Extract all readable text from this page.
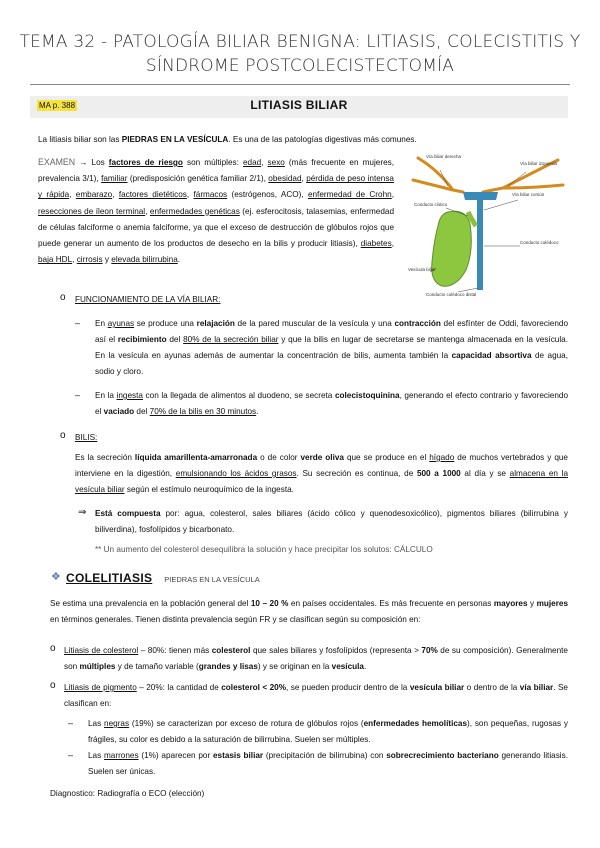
TEMA 32 - PATOLOGÍA BILIAR BENIGNA: LITIASIS, COLECISTITIS Y
SÍNDROME POSTCOLECISTECTOMÍA
MA p. 388	LITIASIS BILIAR
La litiasis biliar son las PIEDRAS EN LA VESÍCULA. Es una de las patologías digestivas más comunes.
EXAMEN → Los factores de riesgo son múltiples: edad, sexo (más frecuente en mujeres, prevalencia 3/1), familiar (predisposición genética familiar 2/1), obesidad, pérdida de peso intensa y rápida, embarazo, factores dietéticos, fármacos (estrógenos, ACO), enfermedad de Crohn, resecciones de íleon terminal, enfermedades genéticas (ej. esferocitosis, talasemias, enfermedad de células falciforme o anemia falciforme, ya que el exceso de destrucción de glóbulos rojos que puede generar un aumento de los productos de desecho en la bilis y producir litiasis), diabetes, baja HDL, cirrosis y elevada bilirrubina.
Vía biliar derecha
Vía biliar izquierda
Conducto cístico
Vía biliar común
Conducto colédoco
Vesícula biliar
Conducto colédoco distal
o FUNCIONAMIENTO DE LA VÍA BILIAR:
– En ayunas se produce una relajación de la pared muscular de la vesícula y una contracción del esfínter de Oddi, favoreciendo así el recibimiento del 80% de la secreción biliar y que la bilis en lugar de secretarse se mantenga almacenada en la vesícula. En la vesícula en ayunas además de aumentar la concentración de bilis, aumenta también la capacidad absortiva de agua, sodio y cloro.
– En la ingesta con la llegada de alimentos al duodeno, se secreta colecistoquinina, generando el efecto contrario y favoreciendo el vaciado del 70% de la bilis en 30 minutos.
o BILIS:
Es la secreción líquida amarillenta-amarronada o de color verde oliva que se produce en el hígado de muchos vertebrados y que interviene en la digestión, emulsionando los ácidos grasos. Su secreción es continua, de 500 a 1000 al día y se almacena en la vesícula biliar según el estímulo neuroquímico de la ingesta.
⇒ Está compuesta por: agua, colesterol, sales biliares (ácido cólico y quenodesoxicólico), pigmentos biliares (bilirrubina y biliverdina), fosfolípidos y bicarbonato.
** Un aumento del colesterol desequilibra la solución y hace precipitar los solutos: CÁLCULO
❖ COLELITIASIS PIEDRAS EN LA VESÍCULA
Se estima una prevalencia en la población general del 10 – 20 % en países occidentales. Es más frecuente en personas mayores y mujeres en términos generales. Tienen distinta prevalencia según FR y se clasifican según su composición en:
o Litiasis de colesterol – 80%: tienen más colesterol que sales biliares y fosfolípidos (representa > 70% de su composición). Generalmente son múltiples y de tamaño variable (grandes y lisas) y se originan en la vesícula.
o Litiasis de pigmento – 20%: la cantidad de colesterol < 20%, se pueden producir dentro de la vesícula biliar o dentro de la vía biliar. Se clasifican en:
– Las negras (19%) se caracterizan por exceso de rotura de glóbulos rojos (enfermedades hemolíticas), son pequeñas, rugosas y frágiles, su color es debido a la saturación de bilirrubina. Suelen ser múltiples.
– Las marrones (1%) aparecen por estasis biliar (precipitación de bilirrubina) con sobrecrecimiento bacteriano generando litiasis. Suelen ser únicas.
Diagnostico: Radiografía o ECO (elección)
